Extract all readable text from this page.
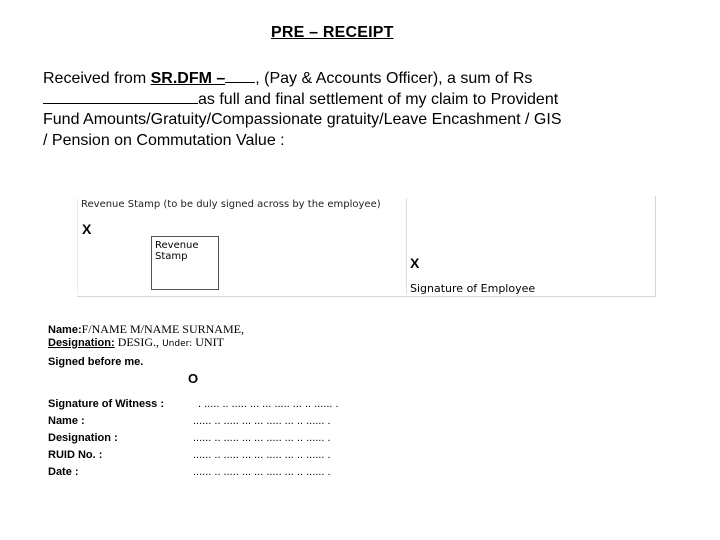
PRE – RECEIPT
Received from SR.DFM – , (Pay & Accounts Officer), a sum of Rs
as full and final settlement of my claim to Provident
Fund Amounts/Gratuity/Compassionate gratuity/Leave Encashment / GIS
/ Pension on Commutation Value :
Revenue Stamp (to be duly signed across by the employee)
X
Revenue Stamp	X
Signature of Employee
Name:F/NAME M/NAME SURNAME,
Designation: DESIG., Under: UNIT
Signed before me.
O
Signature of Witness :	. ..... .. ..... ... ... ..... ... .. ...... .
Name :	...... .. ..... ... ... ..... ... .. ...... .
Designation :	...... .. ..... ... ... ..... ... .. ...... .
RUID No. :	...... .. ..... ... ... ..... ... .. ...... .
Date :	...... .. ..... ... ... ..... ... .. ...... .
